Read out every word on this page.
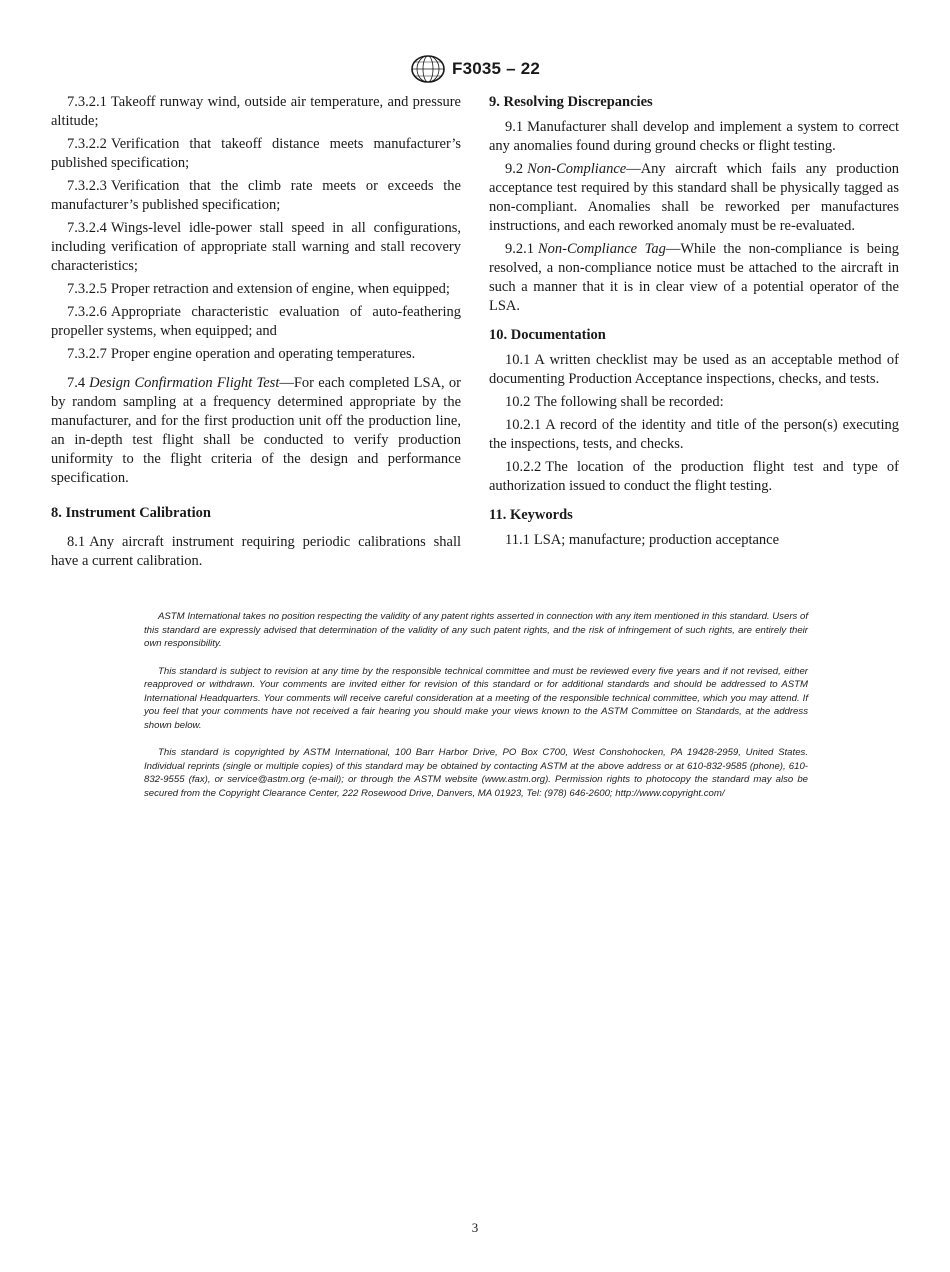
F3035 – 22

7.3.2.1 Takeoff runway wind, outside air temperature, and pressure altitude;

7.3.2.2 Verification that takeoff distance meets manufacturer’s published specification;

7.3.2.3 Verification that the climb rate meets or exceeds the manufacturer’s published specification;

7.3.2.4 Wings-level idle-power stall speed in all configurations, including verification of appropriate stall warning and stall recovery characteristics;

7.3.2.5 Proper retraction and extension of engine, when equipped;

7.3.2.6 Appropriate characteristic evaluation of auto-feathering propeller systems, when equipped; and

7.3.2.7 Proper engine operation and operating temperatures.

7.4 Design Confirmation Flight Test—For each completed LSA, or by random sampling at a frequency determined appropriate by the manufacturer, and for the first production unit off the production line, an in-depth test flight shall be conducted to verify production uniformity to the flight criteria of the design and performance specification.

8. Instrument Calibration

8.1 Any aircraft instrument requiring periodic calibrations shall have a current calibration.

9. Resolving Discrepancies

9.1 Manufacturer shall develop and implement a system to correct any anomalies found during ground checks or flight testing.

9.2 Non-Compliance—Any aircraft which fails any production acceptance test required by this standard shall be physically tagged as non-compliant. Anomalies shall be reworked per manufactures instructions, and each reworked anomaly must be re-evaluated.

9.2.1 Non-Compliance Tag—While the non-compliance is being resolved, a non-compliance notice must be attached to the aircraft in such a manner that it is in clear view of a potential operator of the LSA.

10. Documentation

10.1 A written checklist may be used as an acceptable method of documenting Production Acceptance inspections, checks, and tests.

10.2 The following shall be recorded:

10.2.1 A record of the identity and title of the person(s) executing the inspections, tests, and checks.

10.2.2 The location of the production flight test and type of authorization issued to conduct the flight testing.

11. Keywords

11.1 LSA; manufacture; production acceptance

ASTM International takes no position respecting the validity of any patent rights asserted in connection with any item mentioned in this standard. Users of this standard are expressly advised that determination of the validity of any such patent rights, and the risk of infringement of such rights, are entirely their own responsibility.

This standard is subject to revision at any time by the responsible technical committee and must be reviewed every five years and if not revised, either reapproved or withdrawn. Your comments are invited either for revision of this standard or for additional standards and should be addressed to ASTM International Headquarters. Your comments will receive careful consideration at a meeting of the responsible technical committee, which you may attend. If you feel that your comments have not received a fair hearing you should make your views known to the ASTM Committee on Standards, at the address shown below.

This standard is copyrighted by ASTM International, 100 Barr Harbor Drive, PO Box C700, West Conshohocken, PA 19428-2959, United States. Individual reprints (single or multiple copies) of this standard may be obtained by contacting ASTM at the above address or at 610-832-9585 (phone), 610-832-9555 (fax), or service@astm.org (e-mail); or through the ASTM website (www.astm.org). Permission rights to photocopy the standard may also be secured from the Copyright Clearance Center, 222 Rosewood Drive, Danvers, MA 01923, Tel: (978) 646-2600; http://www.copyright.com/

3
